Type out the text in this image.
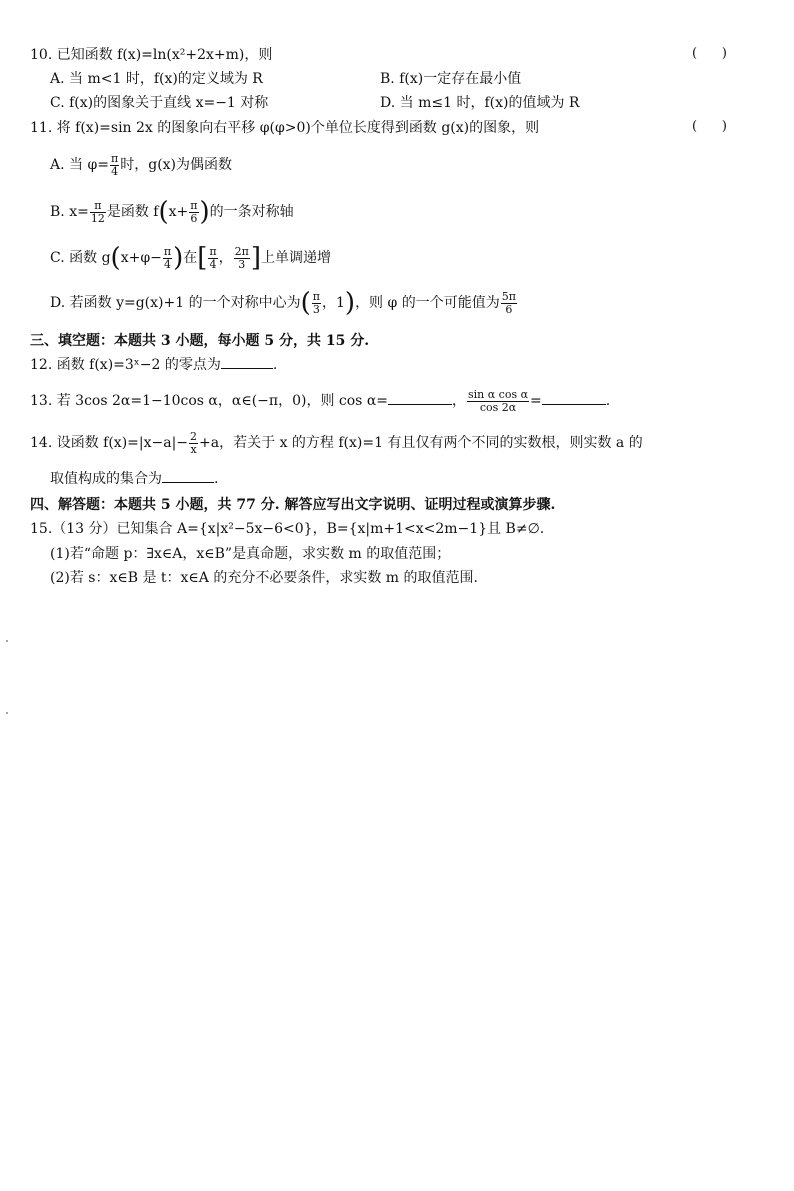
10. 已知函数 f(x)=ln(x²+2x+m)，则	(      )
A. 当 m<1 时，f(x)的定义域为 R	B. f(x)一定存在最小值
C. f(x)的图象关于直线 x=−1 对称	D. 当 m≤1 时，f(x)的值域为 R
11. 将 f(x)=sin 2x 的图象向右平移 φ(φ>0)个单位长度得到函数 g(x)的图象，则	(      )
A. 当 $\varphi= \frac{\pi}{4}$ 时，g(x)为偶函数
B. $x= \frac{\pi}{12}$ 是函数 $f(x+ \frac{\pi}{6}$ )的一条对称轴
C. 函数 $g(x+\varphi- \frac{\pi}{4}$ )在[ $\frac{\pi}{4}$ ， $\frac{2\pi}{3}$ ]上单调递增
D. 若函数 y=g(x)+1 的一个对称中心为( $\frac{\pi}{3}$ ，1)，则 φ 的一个可能值为 $\frac{5\pi}{6}$
三、填空题：本题共 3 小题，每小题 5 分，共 15 分.
12. 函数 f(x)=3ˣ−2 的零点为	.
13. 若 3cos 2α=1−10cos α，α∈(−π，0)，则 cos α=	， $\frac{\text{sin α cos α}}{\cos 2\alpha}$ =	.
14. 设函数 $f(x)=|x-a|- \frac{2}{x} +a$，若关于 x 的方程 f(x)=1 有且仅有两个不同的实数根，则实数 a 的
取值构成的集合为	.
四、解答题：本题共 5 小题，共 77 分. 解答应写出文字说明、证明过程或演算步骤.
15.（13 分）已知集合 A={x|x²−5x−6<0}，B={x|m+1<x<2m−1}且 B≠∅.
(1)若“命题 p：∃x∈A，x∈B”是真命题，求实数 m 的取值范围；
(2)若 s：x∈B 是 t：x∈A 的充分不必要条件，求实数 m 的取值范围.
